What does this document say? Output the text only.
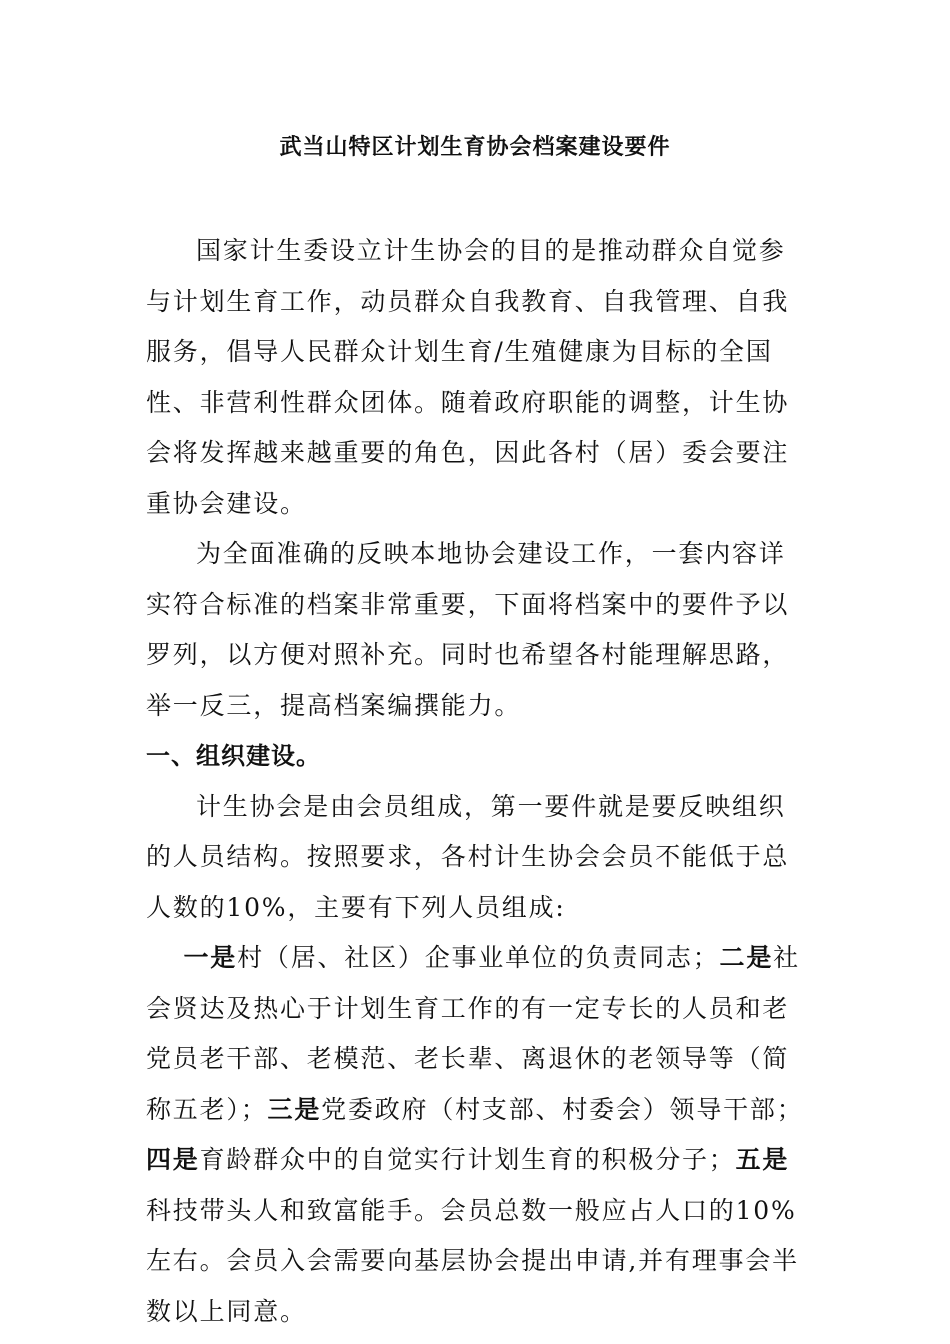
武当山特区计划生育协会档案建设要件

国家计生委设立计生协会的目的是推动群众自觉参与计划生育工作，动员群众自我教育、自我管理、自我服务，倡导人民群众计划生育/生殖健康为目标的全国性、非营利性群众团体。随着政府职能的调整，计生协会将发挥越来越重要的角色，因此各村（居）委会要注重协会建设。

为全面准确的反映本地协会建设工作，一套内容详实符合标准的档案非常重要，下面将档案中的要件予以罗列，以方便对照补充。同时也希望各村能理解思路，举一反三，提高档案编撰能力。

一、组织建设。

计生协会是由会员组成，第一要件就是要反映组织的人员结构。按照要求，各村计生协会会员不能低于总人数的10%，主要有下列人员组成:

一是村（居、社区）企事业单位的负责同志；二是社会贤达及热心于计划生育工作的有一定专长的人员和老党员老干部、老模范、老长辈、离退休的老领导等（简称五老）；三是党委政府（村支部、村委会）领导干部；四是育龄群众中的自觉实行计划生育的积极分子；五是科技带头人和致富能手。会员总数一般应占人口的10%左右。会员入会需要向基层协会提出申请,并有理事会半数以上同意。
